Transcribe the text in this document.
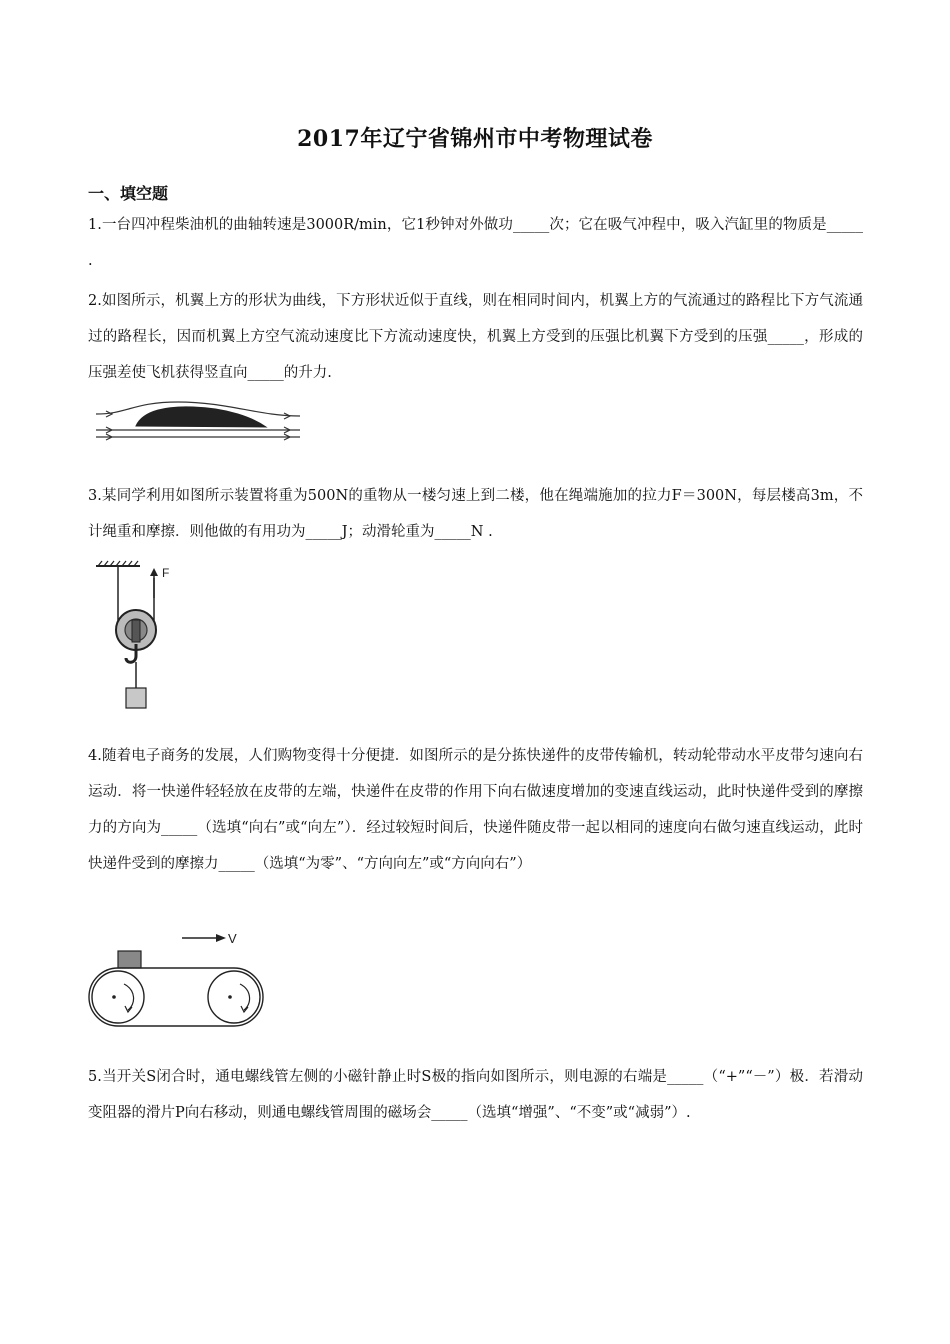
2017年辽宁省锦州市中考物理试卷
一、填空题
1.一台四冲程柴油机的曲轴转速是3000R/min，它1秒钟对外做功_____次；它在吸气冲程中，吸入汽缸里的物质是_____ .
2.如图所示，机翼上方的形状为曲线，下方形状近似于直线，则在相同时间内，机翼上方的气流通过的路程比下方气流通过的路程长，因而机翼上方空气流动速度比下方流动速度快，机翼上方受到的压强比机翼下方受到的压强_____，形成的压强差使飞机获得竖直向_____的升力.
3.某同学利用如图所示装置将重为500N的重物从一楼匀速上到二楼，他在绳端施加的拉力F＝300N，每层楼高3m，不计绳重和摩擦．则他做的有用功为_____J；动滑轮重为_____N .
F
4.随着电子商务的发展，人们购物变得十分便捷．如图所示的是分拣快递件的皮带传输机，转动轮带动水平皮带匀速向右运动．将一快递件轻轻放在皮带的左端，快递件在皮带的作用下向右做速度增加的变速直线运动，此时快递件受到的摩擦力的方向为_____（选填“向右”或“向左”）．经过较短时间后，快递件随皮带一起以相同的速度向右做匀速直线运动，此时快递件受到的摩擦力_____（选填“为零”、“方向向左”或“方向向右”）
V
5.当开关S闭合时，通电螺线管左侧的小磁针静止时S极的指向如图所示，则电源的右端是_____（“+”“－”）极．若滑动变阻器的滑片P向右移动，则通电螺线管周围的磁场会_____（选填“增强”、“不变”或“减弱”）.
